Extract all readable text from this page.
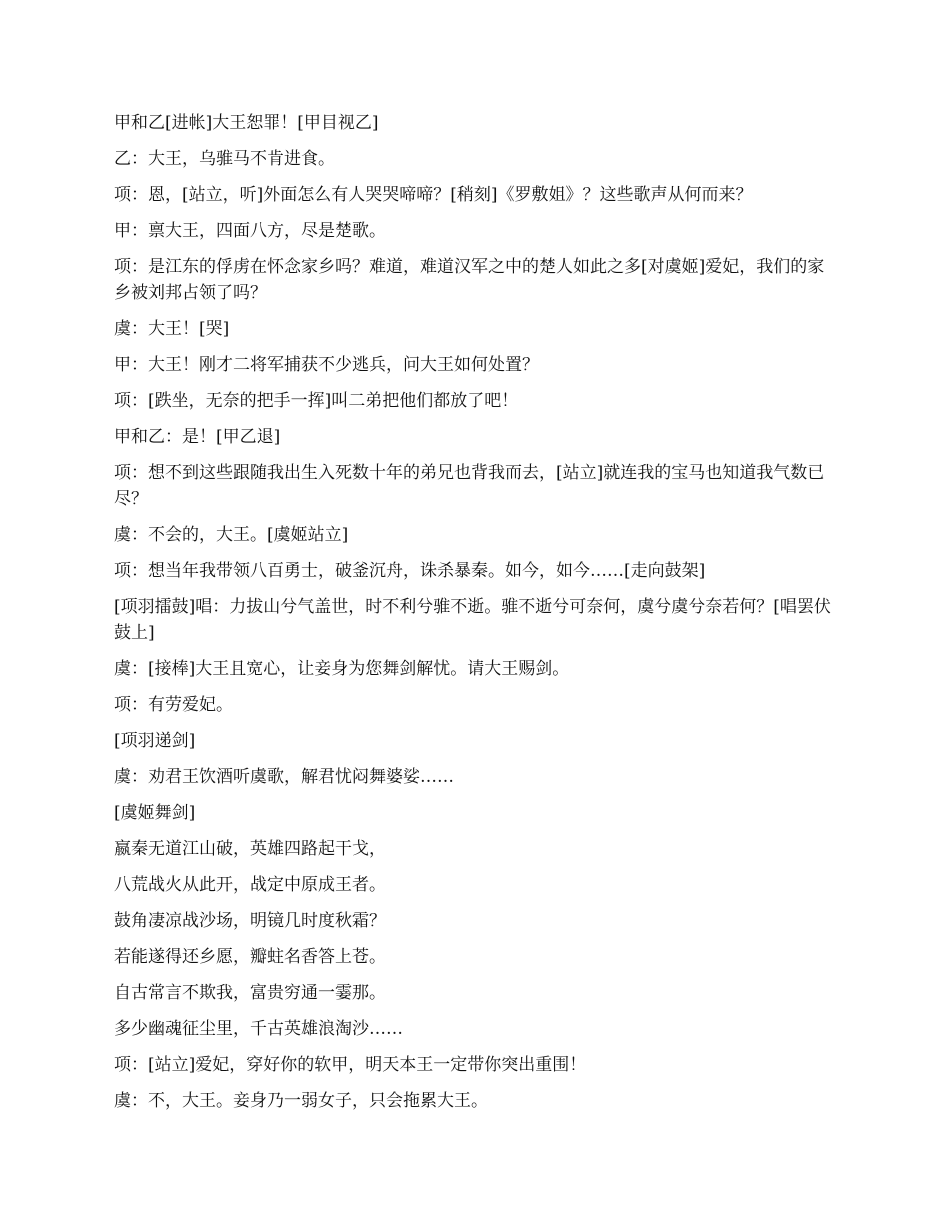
甲和乙[进帐]大王恕罪！[甲目视乙]

乙：大王，乌骓马不肯进食。

项：恩，[站立，听]外面怎么有人哭哭啼啼？[稍刻]《罗敷姐》？这些歌声从何而来？

甲：禀大王，四面八方，尽是楚歌。

项：是江东的俘虏在怀念家乡吗？难道，难道汉军之中的楚人如此之多[对虞姬]爱妃，我们的家乡被刘邦占领了吗？

虞：大王！[哭]

甲：大王！刚才二将军捕获不少逃兵，问大王如何处置？

项：[跌坐，无奈的把手一挥]叫二弟把他们都放了吧！

甲和乙：是！[甲乙退]

项：想不到这些跟随我出生入死数十年的弟兄也背我而去，[站立]就连我的宝马也知道我气数已尽？

虞：不会的，大王。[虞姬站立]

项：想当年我带领八百勇士，破釜沉舟，诛杀暴秦。如今，如今……[走向鼓架]

[项羽擂鼓]唱：力拔山兮气盖世，时不利兮骓不逝。骓不逝兮可奈何，虞兮虞兮奈若何？[唱罢伏鼓上]

虞：[接棒]大王且宽心，让妾身为您舞剑解忧。请大王赐剑。

项：有劳爱妃。

[项羽递剑]

虞：劝君王饮酒听虞歌，解君忧闷舞婆娑……

[虞姬舞剑]

嬴秦无道江山破，英雄四路起干戈，

八荒战火从此开，战定中原成王者。

鼓角凄凉战沙场，明镜几时度秋霜？

若能遂得还乡愿，瓣蛀名香答上苍。

自古常言不欺我，富贵穷通一霎那。

多少幽魂征尘里，千古英雄浪淘沙……

项：[站立]爱妃，穿好你的软甲，明天本王一定带你突出重围！

虞：不，大王。妾身乃一弱女子，只会拖累大王。
